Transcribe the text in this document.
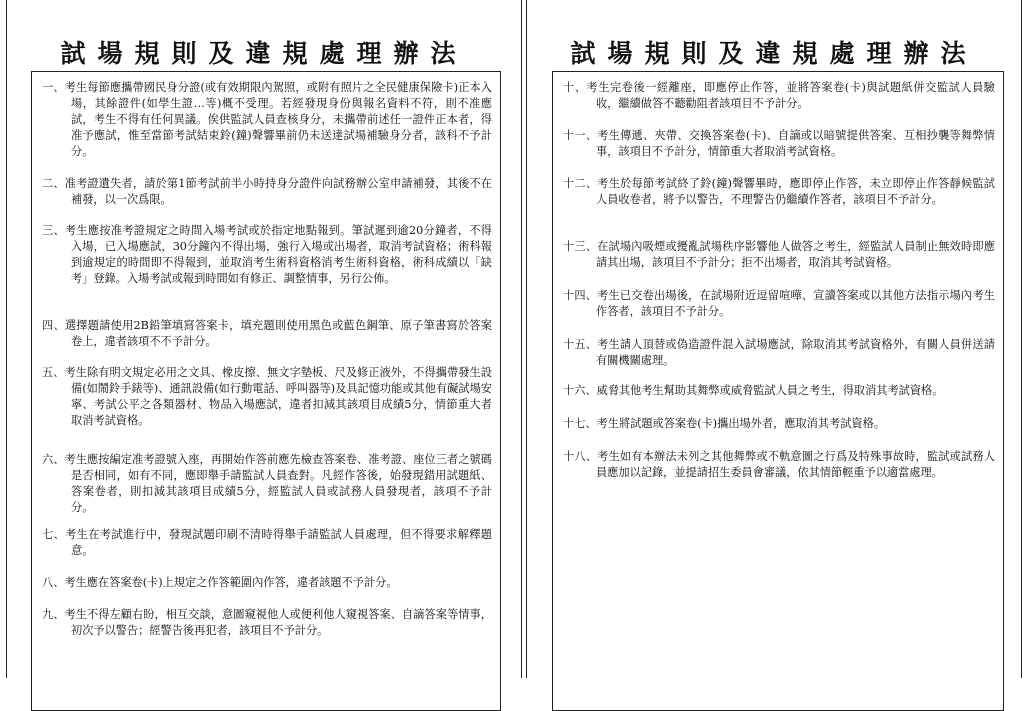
試場規則及違規處理辦法

一、考生每節應攜帶國民身分證(或有效期限內駕照，或附有照片之全民健康保險卡)正本入場，其餘證件(如學生證…等)概不受理。若經發現身份與報名資料不符，則不准應試，考生不得有任何異議。俟供監試人員查核身分，未攜帶前述任一證件正本者，得准予應試，惟至當節考試結束鈴(鐘)聲響畢前仍未送達試場補驗身分者，該科不予計分。

二、准考證遺失者，請於第1節考試前半小時持身分證件向試務辦公室申請補發，其後不在補發，以一次爲限。

三、考生應按准考證規定之時間入場考試或於指定地點報到。筆試遲到逾20分鐘者，不得入場，已入場應試，30分鐘內不得出場，強行入場或出場者，取消考試資格；術科報到逾規定的時間即不得報到，並取消考生術科資格消考生術科資格，術科成績以「缺考」登錄。入場考試或報到時間如有修正、調整情事，另行公佈。

四、選擇題請使用2B鉛筆填寫答案卡，填充題則使用黑色或藍色鋼筆、原子筆書寫於答案卷上，違者該項不不予計分。

五、考生除有明文規定必用之文具、橡皮擦、無文字墊板、尺及修正液外，不得攜帶發生設備(如鬧鈴手錶等)、通訊設備(如行動電話、呼叫器等)及具記憶功能或其他有礙試場安寧、考試公平之各類器材、物品入場應試，違者扣減其該項目成績5分，情節重大者取消考試資格。

六、考生應按編定准考證號入座，再開始作答前應先檢查答案卷、准考證、座位三者之號碼是否相同，如有不同，應即舉手請監試人員查對。凡經作答後，始發現錯用試題紙、答案卷者，則扣減其該項目成績5分，經監試人員或試務人員發現者，該項不予計分。

七、考生在考試進行中，發現試題印刷不清時得舉手請監試人員處理，但不得要求解釋題意。

八、考生應在答案卷(卡)上規定之作答範圍內作答，違者該題不予計分。

九、考生不得左顧右盼，相互交談，意圖窺視他人或便利他人窺視答案、自謫答案等情事，初次予以警告；經警告後再犯者，該項目不予計分。

試場規則及違規處理辦法

十、考生完卷後一經離座，即應停止作答，並將答案卷(卡)與試題紙併交監試人員驗收，繼續做答不聽勸阻者該項目不予計分。

十一、考生傳遞、夾帶、交換答案卷(卡)、自謫或以暗號提供答案、互相抄襲等舞弊情事，該項目不予計分，情節重大者取消考試資格。

十二、考生於每節考試終了鈴(鐘)聲響畢時，應即停止作答，未立即停止作答靜候監試人員收卷者，將予以警告，不理警告仍繼續作答者，該項目不予計分。

十三、在試場內吸煙或擾亂試場秩序影響他人做答之考生，經監試人員制止無效時即應請其出場，該項目不予計分；拒不出場者，取消其考試資格。

十四、考生已交卷出場後，在試場附近逗留喧嘩、宣讀答案或以其他方法指示場內考生作答者，該項目不予計分。

十五、考生請人頂替或偽造證件混入試場應試，除取消其考試資格外，有關人員併送請有關機關處理。

十六、威脅其他考生幫助其舞弊或威脅監試人員之考生，得取消其考試資格。

十七、考生將試題或答案卷(卡)攜出場外者，應取消其考試資格。

十八、考生如有本辦法未列之其他舞弊或不軌意圖之行爲及特殊事故時，監試或試務人員應加以記錄，並提請招生委員會審議，依其情節輕重予以適當處理。
